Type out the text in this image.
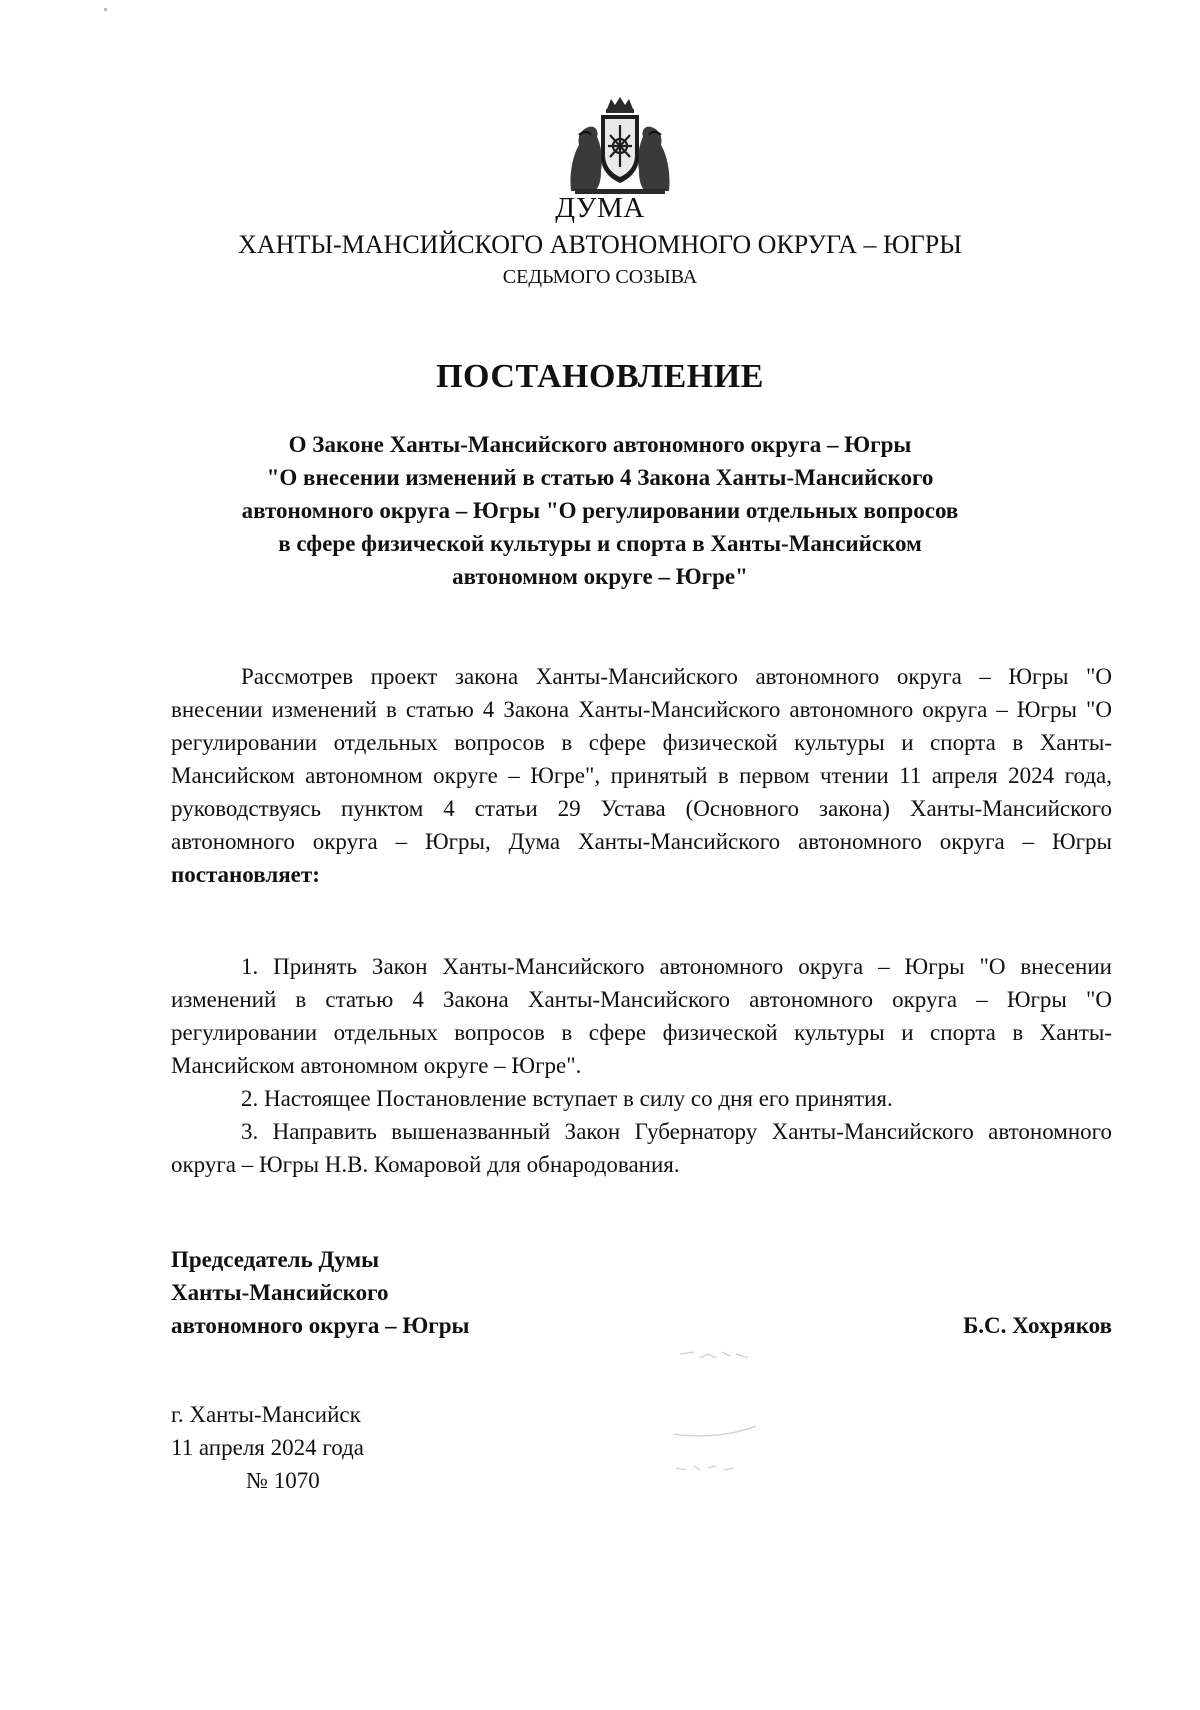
ДУМА
ХАНТЫ-МАНСИЙСКОГО АВТОНОМНОГО ОКРУГА – ЮГРЫ
СЕДЬМОГО СОЗЫВА
ПОСТАНОВЛЕНИЕ
О Законе Ханты-Мансийского автономного округа – Югры
"О внесении изменений в статью 4 Закона Ханты-Мансийского
автономного округа – Югры "О регулировании отдельных вопросов
в сфере физической культуры и спорта в Ханты-Мансийском
автономном округе – Югре"

Рассмотрев проект закона Ханты-Мансийского автономного округа – Югры "О внесении изменений в статью 4 Закона Ханты-Мансийского автономного округа – Югры "О регулировании отдельных вопросов в сфере физической культуры и спорта в Ханты-Мансийском автономном округе – Югре", принятый в первом чтении 11 апреля 2024 года, руководствуясь пунктом 4 статьи 29 Устава (Основного закона) Ханты-Мансийского автономного округа – Югры, Дума Ханты-Мансийского автономного округа – Югры постановляет:

1. Принять Закон Ханты-Мансийского автономного округа – Югры "О внесении изменений в статью 4 Закона Ханты-Мансийского автономного округа – Югры "О регулировании отдельных вопросов в сфере физической культуры и спорта в Ханты-Мансийском автономном округе – Югре".

2. Настоящее Постановление вступает в силу со дня его принятия.

3. Направить вышеназванный Закон Губернатору Ханты-Мансийского автономного округа – Югры Н.В. Комаровой для обнародования.

Председатель Думы
Ханты-Мансийского
автономного округа – Югры	Б.С. Хохряков
г. Ханты-Мансийск
11 апреля 2024 года
№ 1070
